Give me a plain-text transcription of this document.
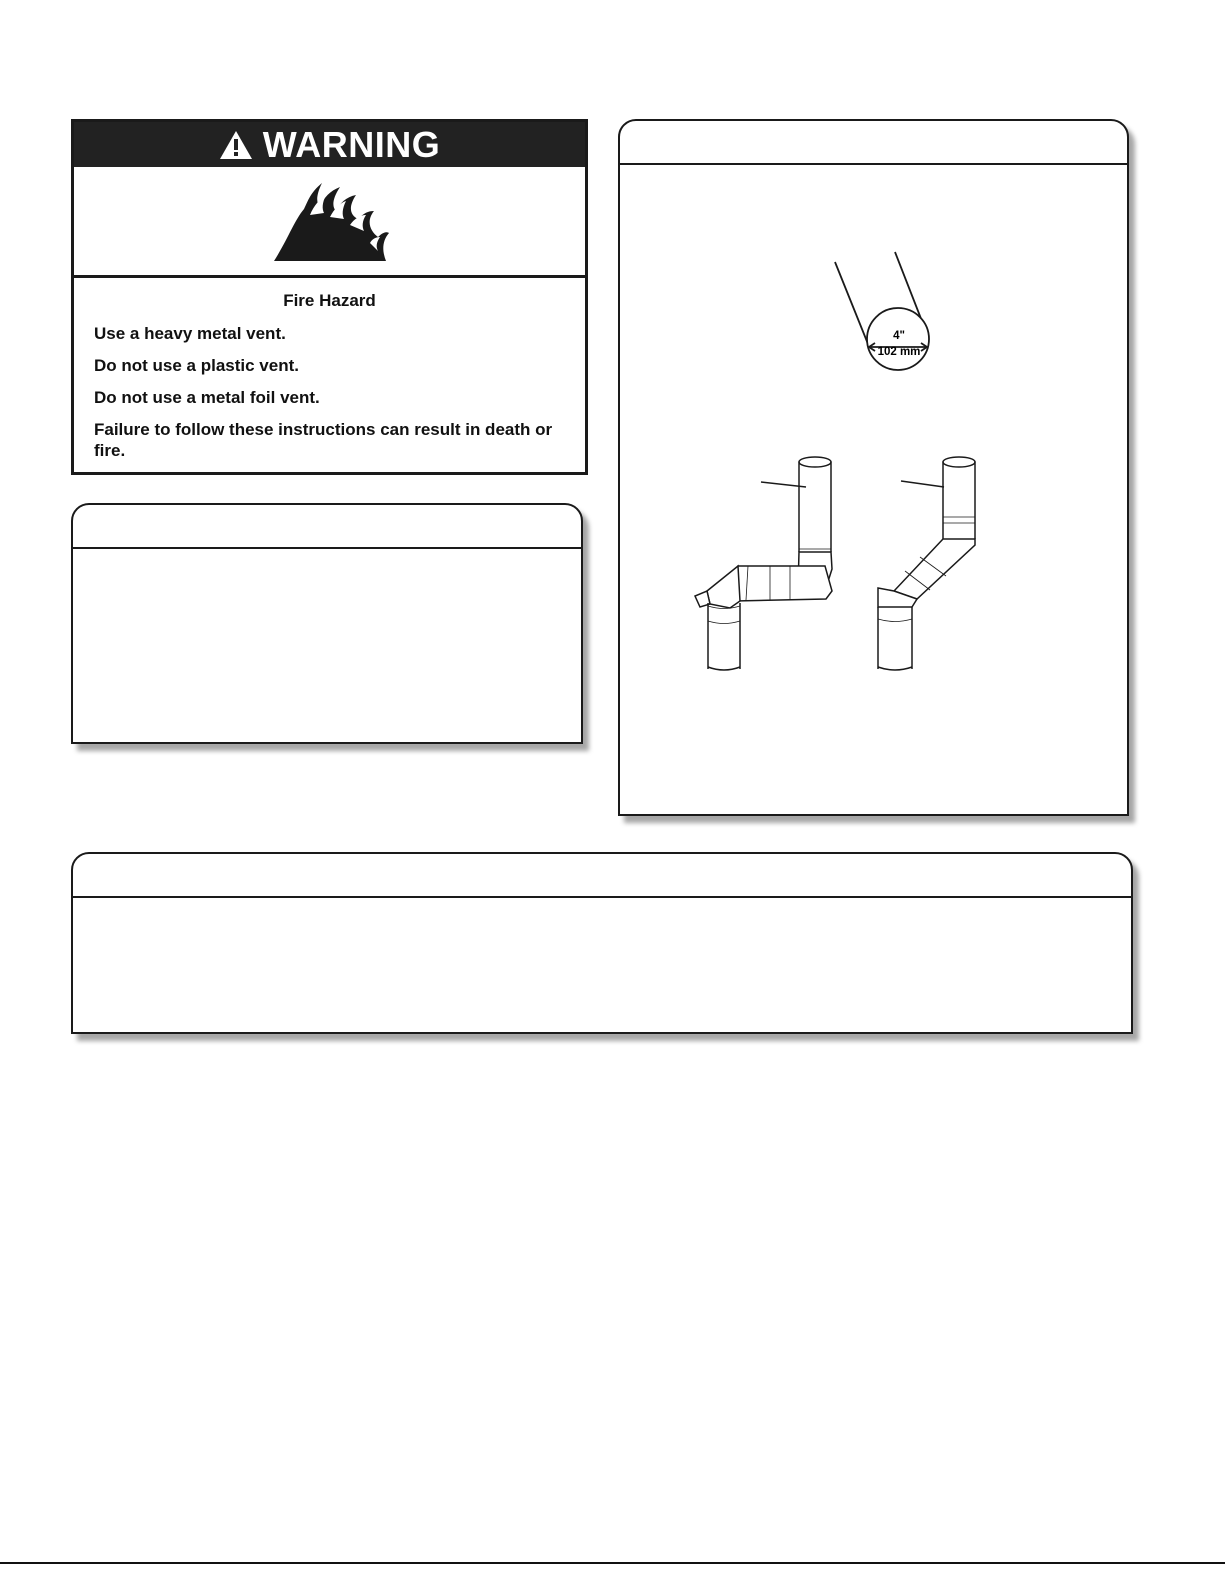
WARNING
Fire Hazard

Use a heavy metal vent.

Do not use a plastic vent.

Do not use a metal foil vent.

Failure to follow these instructions can result in death or fire.

4"
102 mm
